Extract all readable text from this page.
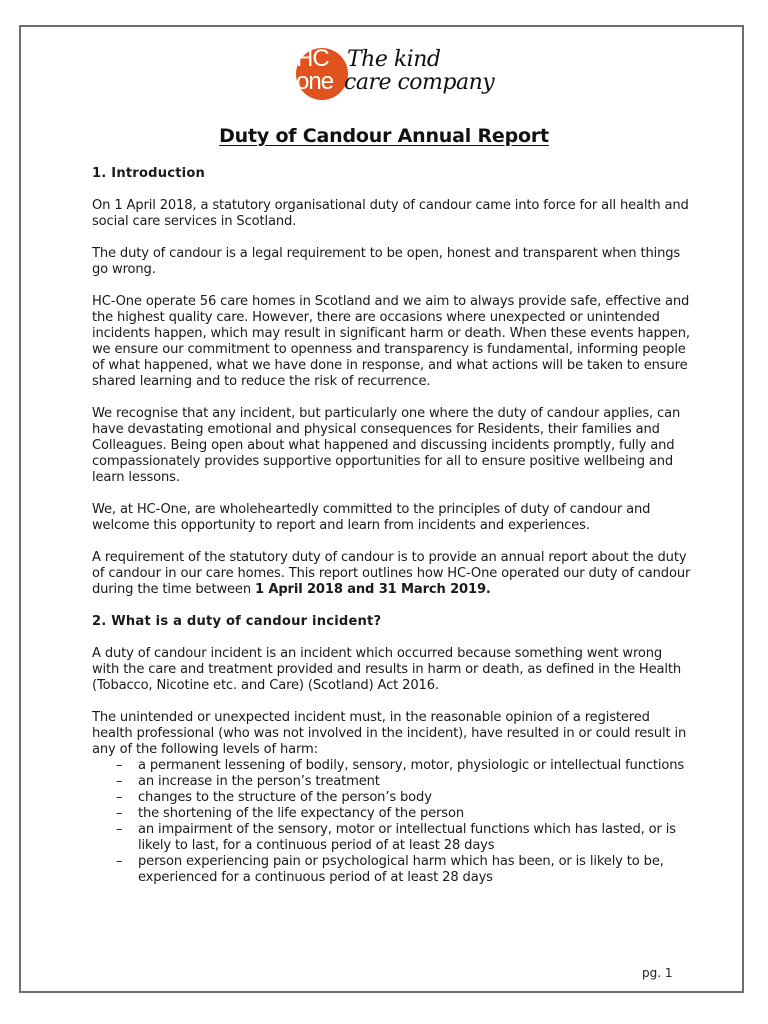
HC
one
The kind
care company
Duty of Candour Annual Report
1. Introduction

On 1 April 2018, a statutory organisational duty of candour came into force for all health and social care services in Scotland.

The duty of candour is a legal requirement to be open, honest and transparent when things go wrong.

HC-One operate 56 care homes in Scotland and we aim to always provide safe, effective and the highest quality care. However, there are occasions where unexpected or unintended incidents happen, which may result in significant harm or death. When these events happen, we ensure our commitment to openness and transparency is fundamental, informing people of what happened, what we have done in response, and what actions will be taken to ensure shared learning and to reduce the risk of recurrence.

We recognise that any incident, but particularly one where the duty of candour applies, can have devastating emotional and physical consequences for Residents, their families and Colleagues. Being open about what happened and discussing incidents promptly, fully and compassionately provides supportive opportunities for all to ensure positive wellbeing and learn lessons.

We, at HC-One, are wholeheartedly committed to the principles of duty of candour and welcome this opportunity to report and learn from incidents and experiences.

A requirement of the statutory duty of candour is to provide an annual report about the duty of candour in our care homes. This report outlines how HC-One operated our duty of candour during the time between 1 April 2018 and 31 March 2019.

2. What is a duty of candour incident?

A duty of candour incident is an incident which occurred because something went wrong with the care and treatment provided and results in harm or death, as defined in the Health (Tobacco, Nicotine etc. and Care) (Scotland) Act 2016.

The unintended or unexpected incident must, in the reasonable opinion of a registered health professional (who was not involved in the incident), have resulted in or could result in any of the following levels of harm:

– a permanent lessening of bodily, sensory, motor, physiologic or intellectual functions
– an increase in the person’s treatment
– changes to the structure of the person’s body
– the shortening of the life expectancy of the person
– an impairment of the sensory, motor or intellectual functions which has lasted, or is likely to last, for a continuous period of at least 28 days
– person experiencing pain or psychological harm which has been, or is likely to be, experienced for a continuous period of at least 28 days
pg. 1
